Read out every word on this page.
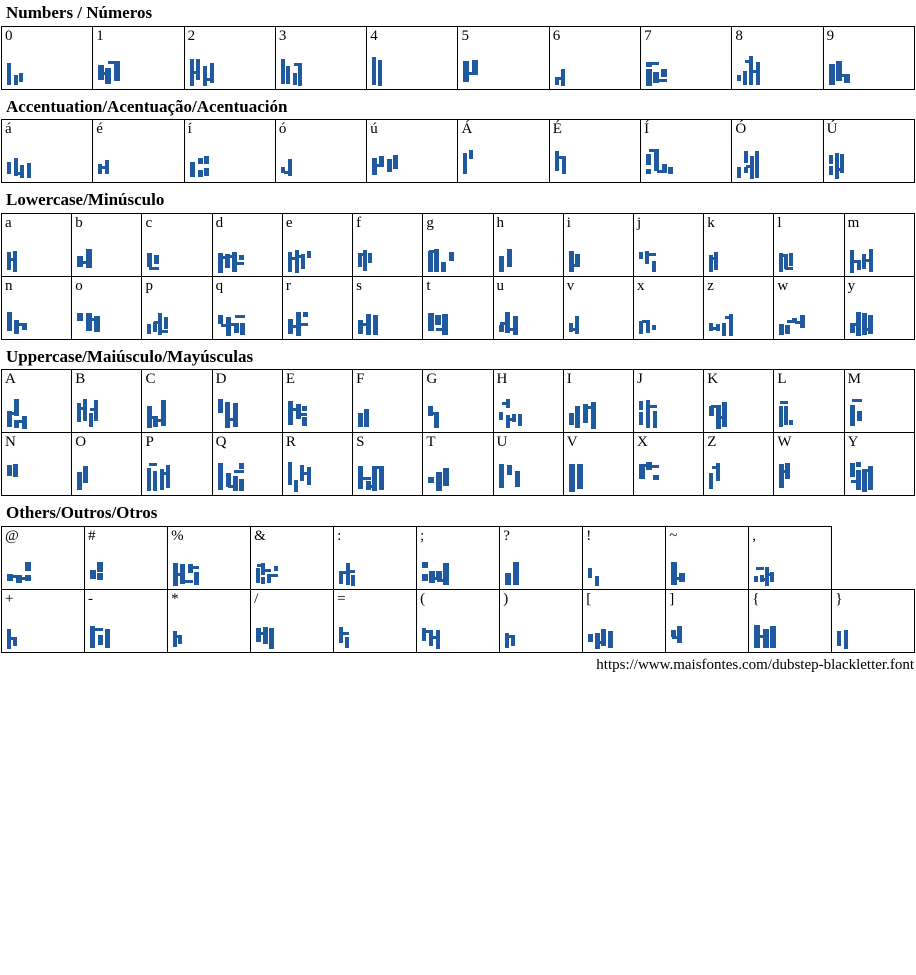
Numbers / Números
0	1	2	3	4	5	6	7	8	9
Accentuation/Acentuação/Acentuación
á	é	í	ó	ú	Á	É	Í	Ó	Ú
Lowercase/Minúsculo
a	b	c	d	e	f	g	h	i	j	k	l	m

n	o	p	q	r	s	t	u	v	x	z	w	y
Uppercase/Maiúsculo/Mayúsculas
A	B	C	D	E	F	G	H	I	J	K	L	M

N	O	P	Q	R	S	T	U	V	X	Z	W	Y
Others/Outros/Otros
@	#	%	&	:	;	?	!	~	,	

+	-	*	/	=	(	)	[	]	{	}
https://www.maisfontes.com/dubstep-blackletter.font
